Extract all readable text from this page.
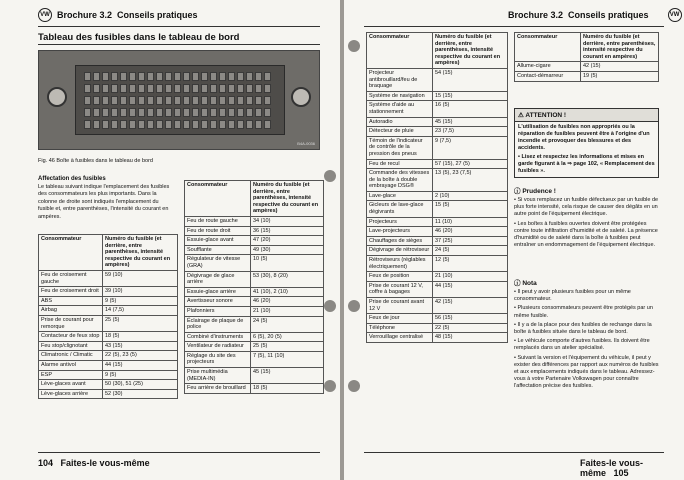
VW Brochure 3.2 Conseils pratiques
Tableau des fusibles dans le tableau de bord
B4A-0036
Fig. 46 Boîte à fusibles dans le tableau de bord
Affectation des fusibles
Le tableau suivant indique l'emplacement des fusibles des consommateurs les plus importants. Dans la colonne de droite sont indiqués l'emplacement du fusible et, entre parenthèses, l'intensité du courant en ampères.
Consommateur	Numéro du fusible (et derrière, entre parenthèses, intensité respective du courant en ampères)
Feu de croisement gauche	59 (10)
Feu de croisement droit	39 (10)
ABS	9 (5)
Airbag	14 (7,5)
Prise de courant pour remorque	25 (5)
Contacteur de feux stop	18 (5)
Feu stop/clignotant	43 (15)
Climatronic / Climatic	22 (5), 23 (5)
Alarme antivol	44 (15)
ESP	9 (5)
Lève-glaces avant	50 (30), 51 (25)
Lève-glaces arrière	52 (30)
Consommateur	Numéro du fusible (et derrière, entre parenthèses, intensité respective du courant en ampères)
Feu de route gauche	34 (10)
Feu de route droit	36 (15)
Essuie-glace avant	47 (20)
Soufflante	49 (30)
Régulateur de vitesse (GRA)	10 (5)
Dégivrage de glace arrière	53 (30), 8 (20)
Essuie-glace arrière	41 (10), 2 (10)
Avertisseur sonore	46 (20)
Plafonniers	21 (10)
Éclairage de plaque de police	24 (5)
Combiné d'instruments	6 (5), 20 (5)
Ventilateur de radiateur	25 (5)
Réglage du site des projecteurs	7 (5), 11 (10)
Prise multimédia (MEDIA-IN)	45 (15)
Feu arrière de brouillard	18 (5)
104 Faites-le vous-même
Brochure 3.2 Conseils pratiques	VW
Consommateur	Numéro du fusible (et derrière, entre parenthèses, intensité respective du courant en ampères)
Projecteur antibrouillard/feu de braquage	54 (15)
Système de navigation	15 (15)
Système d'aide au stationnement	16 (5)
Autoradio	45 (15)
Détecteur de pluie	23 (7,5)
Témoin de l'indicateur de contrôle de la pression des pneus	9 (7,5)
Feu de recul	57 (15), 27 (5)
Commande des vitesses de la boîte à double embrayage DSG®	13 (5), 23 (7,5)
Lave-glace	2 (10)
Gicleurs de lave-glace dégivrants	15 (5)
Projecteurs	11 (10)
Lave-projecteurs	46 (20)
Chauffages de sièges	37 (25)
Dégivrage de rétroviseur	24 (5)
Rétroviseurs (réglables électriquement)	12 (5)
Feux de position	21 (10)
Prise de courant 12 V, coffre à bagages	44 (15)
Prise de courant avant 12 V	42 (15)
Feux de jour	56 (15)
Téléphone	22 (5)
Verrouillage centralisé	48 (15)
Consommateur	Numéro du fusible (et derrière, entre parenthèses, intensité respective du courant en ampères)
Allume-cigare	42 (15)
Contact-démarreur	19 (5)
⚠ ATTENTION !
L'utilisation de fusibles non appropriés ou la réparation de fusibles peuvent être à l'origine d'un incendie et provoquer des blessures et des accidents.
• Lisez et respectez les informations et mises en garde figurant à la ⇒ page 102, « Remplacement des fusibles ».
ⓘ Prudence !
• Si vous remplacez un fusible défectueux par un fusible de plus forte intensité, cela risque de causer des dégâts en un autre point de l'équipement électrique.
• Les boîtes à fusibles ouvertes doivent être protégées contre toute infiltration d'humidité et de saleté. La présence d'humidité ou de saleté dans la boîte à fusibles peut entraîner un endommagement de l'équipement électrique.
ⓘ Nota
• Il peut y avoir plusieurs fusibles pour un même consommateur.
• Plusieurs consommateurs peuvent être protégés par un même fusible.
• Il y a de la place pour des fusibles de rechange dans la boîte à fusibles située dans le tableau de bord.
• Le véhicule comporte d'autres fusibles. Ils doivent être remplacés dans un atelier spécialisé.
• Suivant la version et l'équipement du véhicule, il peut y exister des différences par rapport aux numéros de fusibles et aux emplacements indiqués dans le tableau. Adressez-vous à votre Partenaire Volkswagen pour connaître l'affectation précise des fusibles.
Faites-le vous-même 105
